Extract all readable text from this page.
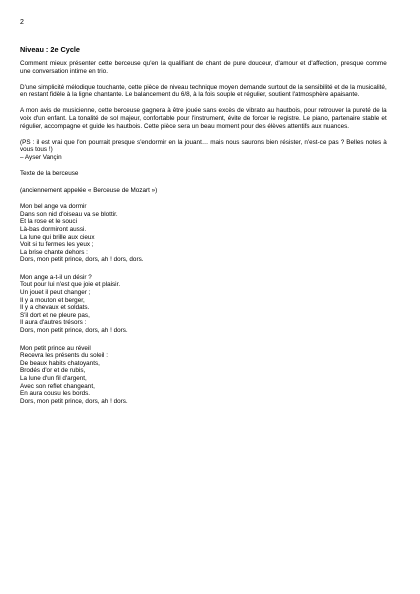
2
Niveau : 2e Cycle

Comment mieux présenter cette berceuse qu'en la qualifiant de chant de pure douceur, d'amour et d'affection, presque comme une conversation intime en trio.

D'une simplicité mélodique touchante, cette pièce de niveau technique moyen demande surtout de la sensibilité et de la musicalité, en restant fidèle à la ligne chantante. Le balancement du 6/8, à la fois souple et régulier, soutient l'atmosphère apaisante.

A mon avis de musicienne, cette berceuse gagnera à être jouée sans excès de vibrato au hautbois, pour retrouver la pureté de la voix d'un enfant. La tonalité de sol majeur, confortable pour l'instrument, évite de forcer le registre. Le piano, partenaire stable et régulier, accompagne et guide les hautbois. Cette pièce sera un beau moment pour des élèves attentifs aux nuances.

(PS : il est vrai que l'on pourrait presque s'endormir en la jouant… mais nous saurons bien résister, n'est-ce pas ? Belles notes à vous tous !)
– Ayser Vançin
Texte de la berceuse
(anciennement appelée « Berceuse de Mozart »)
Mon bel ange va dormir
Dans son nid d'oiseau va se blottir.
Et la rose et le souci
Là-bas dormiront aussi.
La lune qui brille aux cieux
Voit si tu fermes les yeux ;
La brise chante dehors :
Dors, mon petit prince, dors, ah ! dors, dors.
Mon ange a-t-il un désir ?
Tout pour lui n'est que joie et plaisir.
Un jouet il peut changer ;
Il y a mouton et berger,
Il y a chevaux et soldats.
S'il dort et ne pleure pas,
Il aura d'autres trésors :
Dors, mon petit prince, dors, ah ! dors.
Mon petit prince au réveil
Recevra les présents du soleil :
De beaux habits chatoyants,
Brodés d'or et de rubis,
La lune d'un fil d'argent,
Avec son reflet changeant,
En aura cousu les bords.
Dors, mon petit prince, dors, ah ! dors.
